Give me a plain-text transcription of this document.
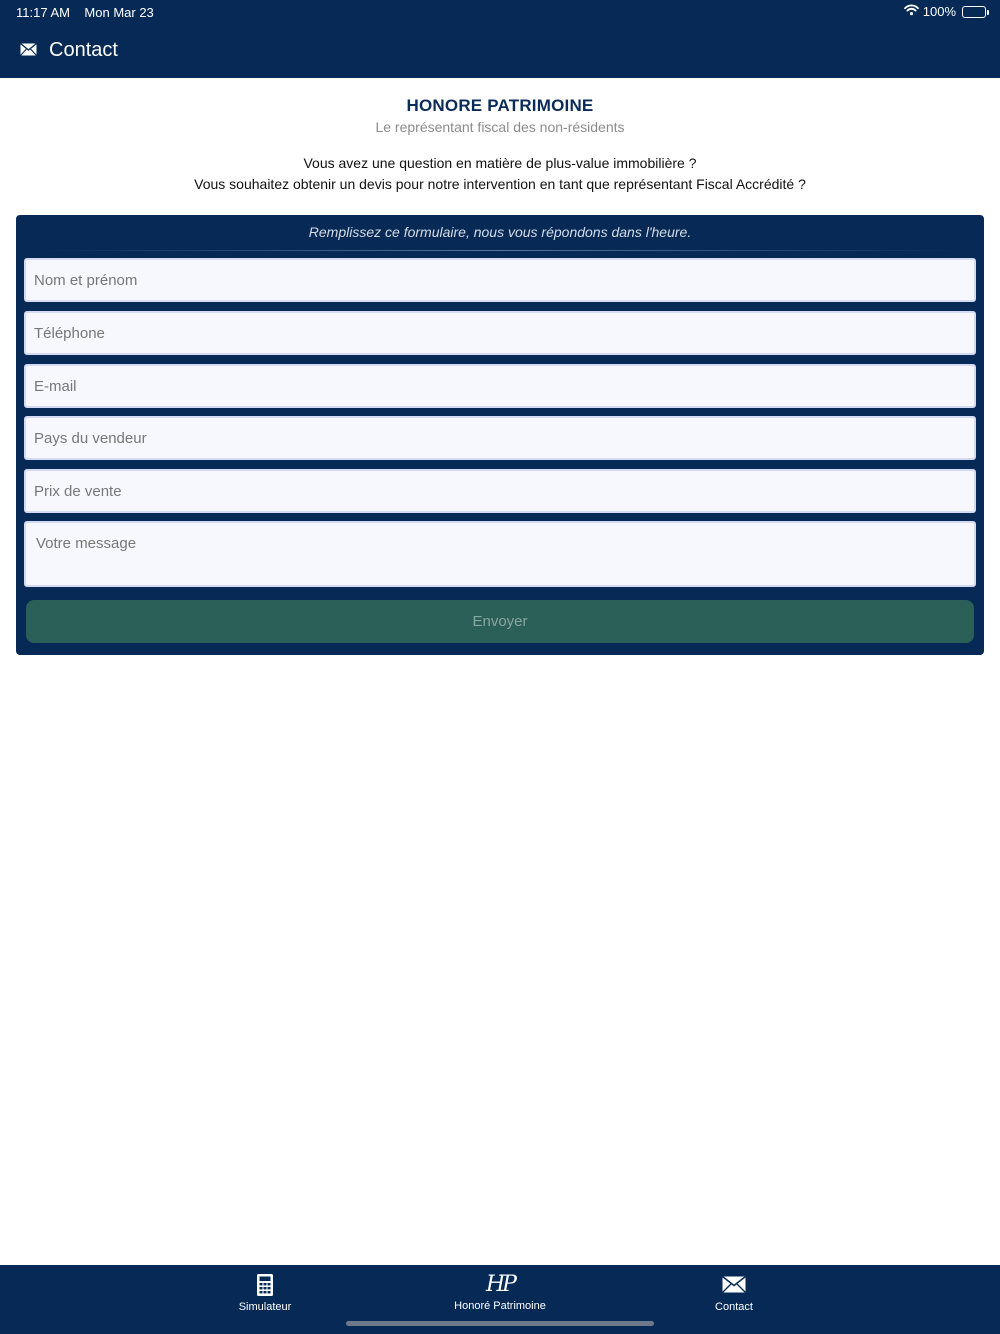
11:17 AM Mon Mar 23	100%
Contact
HONORE PATRIMOINE
Le représentant fiscal des non-résidents
Vous avez une question en matière de plus-value immobilière ?
Vous souhaitez obtenir un devis pour notre intervention en tant que représentant Fiscal Accrédité ?
Remplissez ce formulaire, nous vous répondons dans l'heure.
Nom et prénom
Téléphone
E-mail
Pays du vendeur
Prix de vente
Votre message
Envoyer
Simulateur
HP
Honoré Patrimoine	Contact
